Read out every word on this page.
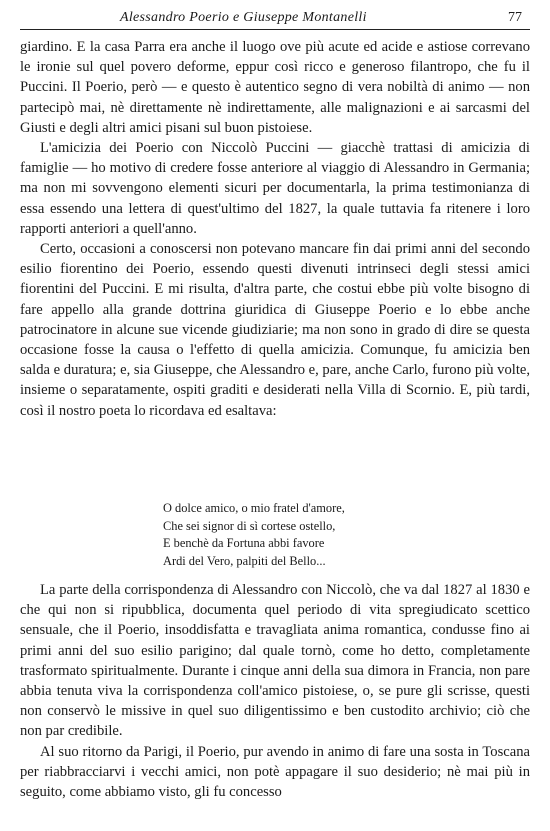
Alessandro Poerio e Giuseppe Montanelli	77

giardino. E la casa Parra era anche il luogo ove più acute ed acide e astiose correvano le ironie sul quel povero deforme, eppur così ricco e generoso filantropo, che fu il Puccini. Il Poerio, però — e questo è autentico segno di vera nobiltà di animo — non partecipò mai, nè direttamente nè indirettamente, alle malignazioni e ai sarcasmi del Giusti e degli altri amici pisani sul buon pistoiese.

L'amicizia dei Poerio con Niccolò Puccini — giacchè trattasi di amicizia di famiglie — ho motivo di credere fosse anteriore al viaggio di Alessandro in Germania; ma non mi sovvengono elementi sicuri per documentarla, la prima testimonianza di essa essendo una lettera di quest'ultimo del 1827, la quale tuttavia fa ritenere i loro rapporti anteriori a quell'anno.

Certo, occasioni a conoscersi non potevano mancare fin dai primi anni del secondo esilio fiorentino dei Poerio, essendo questi divenuti intrinseci degli stessi amici fiorentini del Puccini. E mi risulta, d'altra parte, che costui ebbe più volte bisogno di fare appello alla grande dottrina giuridica di Giuseppe Poerio e lo ebbe anche patrocinatore in alcune sue vicende giudiziarie; ma non sono in grado di dire se questa occasione fosse la causa o l'effetto di quella amicizia. Comunque, fu amicizia ben salda e duratura; e, sia Giuseppe, che Alessandro e, pare, anche Carlo, furono più volte, insieme o separatamente, ospiti graditi e desiderati nella Villa di Scornio. E, più tardi, così il nostro poeta lo ricordava ed esaltava:

O dolce amico, o mio fratel d'amore,
Che sei signor di sì cortese ostello,
E benchè da Fortuna abbi favore
Ardi del Vero, palpiti del Bello...

La parte della corrispondenza di Alessandro con Niccolò, che va dal 1827 al 1830 e che qui non si ripubblica, documenta quel periodo di vita spregiudicato scettico sensuale, che il Poerio, insoddisfatta e travagliata anima romantica, condusse fino ai primi anni del suo esilio parigino; dal quale tornò, come ho detto, completamente trasformato spiritualmente. Durante i cinque anni della sua dimora in Francia, non pare abbia tenuta viva la corrispondenza coll'amico pistoiese, o, se pure gli scrisse, questi non conservò le missive in quel suo diligentissimo e ben custodito archivio; ciò che non par credibile.

Al suo ritorno da Parigi, il Poerio, pur avendo in animo di fare una sosta in Toscana per riabbracciarvi i vecchi amici, non potè appagare il suo desiderio; nè mai più in seguito, come abbiamo visto, gli fu concesso
